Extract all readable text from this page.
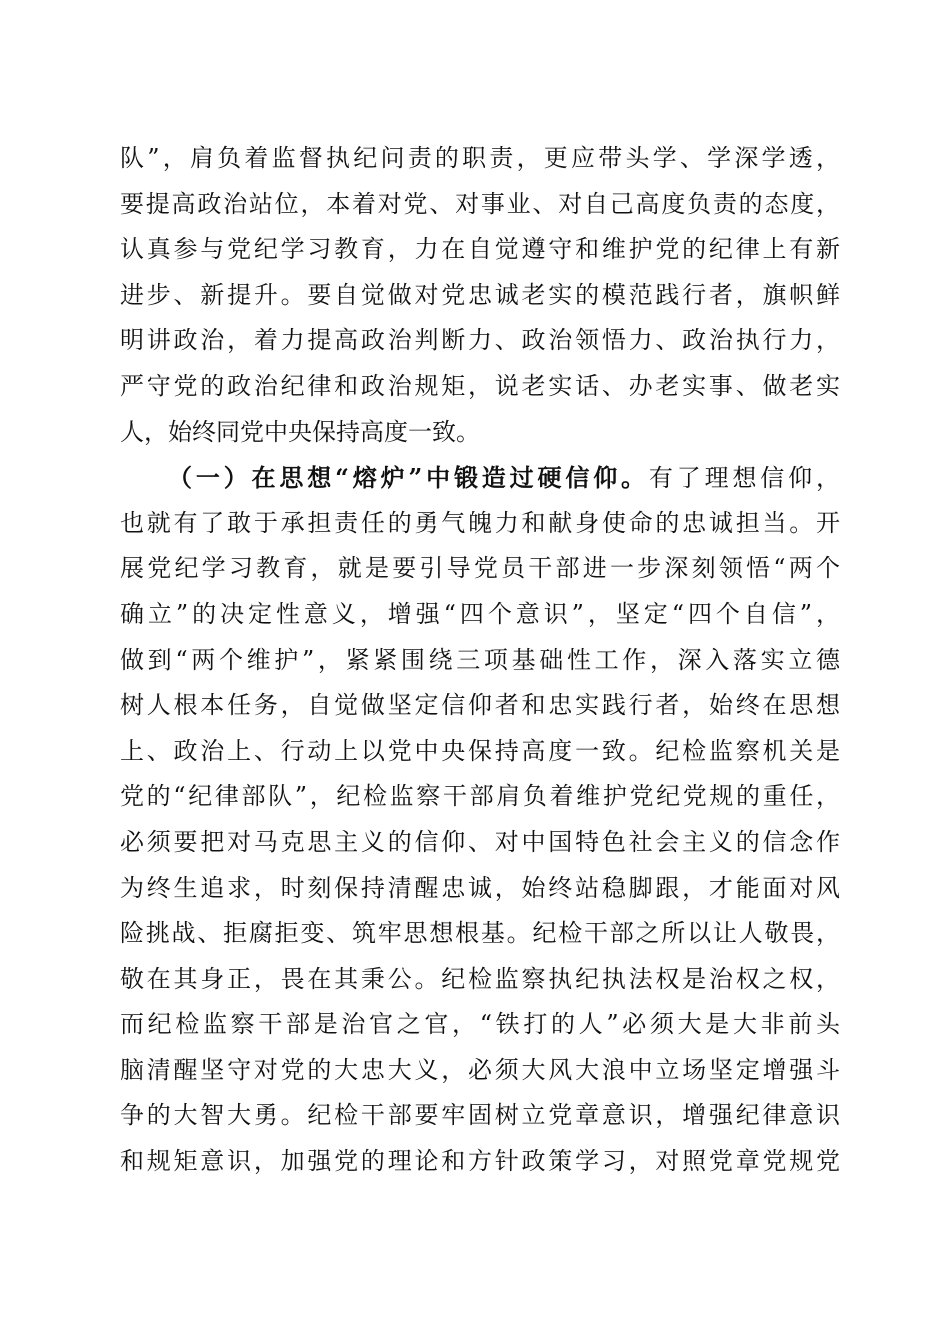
队”，肩负着监督执纪问责的职责，更应带头学、学深学透，
要提高政治站位，本着对党、对事业、对自己高度负责的态度，
认真参与党纪学习教育，力在自觉遵守和维护党的纪律上有新
进步、新提升。要自觉做对党忠诚老实的模范践行者，旗帜鲜
明讲政治，着力提高政治判断力、政治领悟力、政治执行力，
严守党的政治纪律和政治规矩，说老实话、办老实事、做老实
人，始终同党中央保持高度一致。
（一）在思想“熔炉”中锻造过硬信仰。有了理想信仰，
也就有了敢于承担责任的勇气魄力和献身使命的忠诚担当。开
展党纪学习教育，就是要引导党员干部进一步深刻领悟“两个
确立”的决定性意义，增强“四个意识”，坚定“四个自信”，
做到“两个维护”，紧紧围绕三项基础性工作，深入落实立德
树人根本任务，自觉做坚定信仰者和忠实践行者，始终在思想
上、政治上、行动上以党中央保持高度一致。纪检监察机关是
党的“纪律部队”，纪检监察干部肩负着维护党纪党规的重任，
必须要把对马克思主义的信仰、对中国特色社会主义的信念作
为终生追求，时刻保持清醒忠诚，始终站稳脚跟，才能面对风
险挑战、拒腐拒变、筑牢思想根基。纪检干部之所以让人敬畏，
敬在其身正，畏在其秉公。纪检监察执纪执法权是治权之权，
而纪检监察干部是治官之官，“铁打的人”必须大是大非前头
脑清醒坚守对党的大忠大义，必须大风大浪中立场坚定增强斗
争的大智大勇。纪检干部要牢固树立党章意识，增强纪律意识
和规矩意识，加强党的理论和方针政策学习，对照党章党规党
